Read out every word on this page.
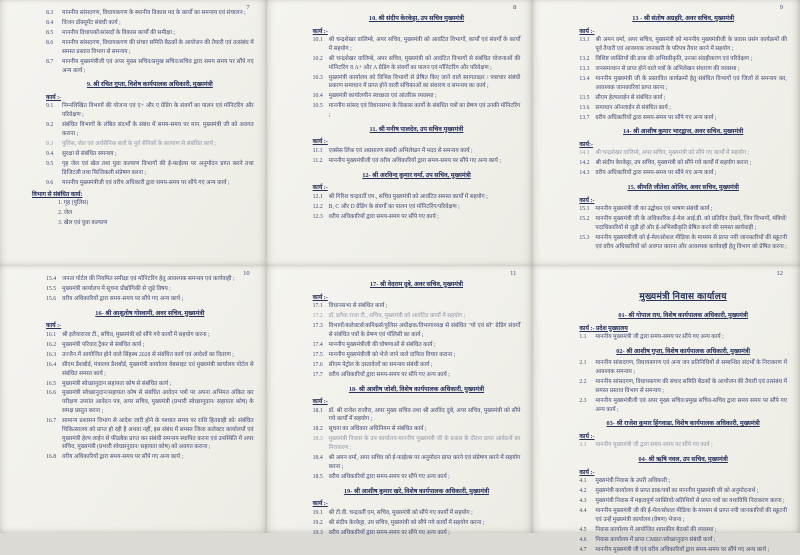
7
8.3	माननीय सांसदगण, विधायकगण के स्थानीय विकास मद के कार्यों का समन्वय एवं संचालन ;
8.4	विजन डॉक्यूमेंट संबंधी कार्य ;
8.5	माननीय विधायकों/सांसदों के विकास कार्यों की समीक्षा ;
8.6	माननीय सांसदगण, विधायकगण की संचार समिति बैठकों के आयोजन की तैयारी एवं तत्संबंध में समस्त प्रस्ताव विभाग से समन्वय ;
8.7	माननीय मुख्यमंत्रीजी एवं अपर मुख्य सचिव/प्रमुख सचिव/सचिव द्वारा समय समय पर सौंपे गए अन्य कार्य ;
9. श्री रचित गुप्ता, विशेष कार्यपालक अधिकारी, मुख्यमंत्री
कार्य :-
9.1	निम्नलिखित विभागों की योजना एवं ए+ और ए ग्रेडिंग के संवर्गों का पालन एवं मॉनिटरिंग और परिवेक्षण ;
9.2	संबंधित विभागों के लंबित संदर्भों के संबंध में समय-समय पर मान. मुख्यमंत्री जी को अवगत कराना ;
9.3	पुलिस, जेल एवं अर्धसैनिक बलों के पूर्व सैनिकों के कल्याण से संबंधित कार्य ;
9.4	सुरक्षा से संबंधित समन्वय ;
9.5	गृह जेल एवं खेल तथा युवा कल्याण विभागों की ई-फाईल्स पर अनुमोदन प्राप्त करने तथा डिजिटली तथा फिजिकली संप्रेषण करना ;
9.6	माननीय मुख्यमंत्रीजी एवं वरीय अधिकारी द्वारा समय-समय पर सौंपे गए अन्य कार्य ;
विभाग से संबंधित कार्य:
1. गृह (पुलिस)
2. जेल
3. खेल एवं युवा कल्याण
8
10. श्री संदीप केरकेट्टा, उप सचिव मुख्यमंत्री
कार्य :-
10.1	श्री चन्द्रशेखर वालिम्बे, अपर सचिव, मुख्यमंत्री को आवंटित विभागों, कार्यों एवं संवर्गों के कार्यों में सहयोग ;
10.2	श्री चन्द्रशेखर वालिम्बे, अपर सचिव, मुख्यमंत्री को आवंटित विभागों से संबंधित योजनाओं की मॉनिटरिंग व A+ और A ग्रेडिंग के संवर्गों का पालन एवं मॉनिटरिंग और परिवेक्षण ;
10.3	मुख्यमंत्री कार्यालय को विभिन्न विभागों से प्रेषित किए जाने वाले स्वागताक्षर / पत्राचार संबंधी प्रकरण समाधान में प्राप्त होने वाली संचिकाओं का संधारण व समन्वय का कार्य ;
10.4	मुख्यमंत्री कार्यालयीन स्वच्छता एवं आंतरिक व्यवस्था ;
10.5	माननीय सांसद एवं विधानसभा के विकास कार्यों के संबंधित पत्रों का प्रेषण एवं उनकी मॉनिटरिंग ;
11. श्री मनीष पालदेव, उप सचिव मुख्यमंत्री
कार्य :-
11.1	एक्सेस लिंक एवं अग्रसारण संबंधी अभिलेखन में मदद से समन्वय कार्य ;
11.2	माननीय मुख्यमंत्रीजी एवं वरीय अधिकारियों द्वारा समय-समय पर सौंपे गए अन्य कार्य ;
12- श्री अरविन्द कुमार वर्मा, उप सचिव, मुख्यमंत्री
कार्य :-
12.1	श्री गिरिश चन्द्रवर्ती एम., सचिव मुख्यमंत्री को आवंटित समस्त कार्यों में सहयोग ;
12.2	B, C और D ग्रेडिंग के संवर्गों का पालन एवं मॉनिटरिंग/परिवेक्षण ;
12.3	वरीय अधिकारियों द्वारा समय-समय पर सौंपे गए कार्य ;
9
13 - श्री संतोष अग्रहरि, अवर सचिव, मुख्यमंत्री
कार्य :-
13.1	श्री अमन वर्मा, अपर सचिव, मुख्यमंत्री को माननीय मुख्यमंत्रीजी के प्रवास प्रसंग कार्यक्रमों की पूर्व तैयारी एवं आवश्यक जानकारी के परिपत्र तैयार करने में सहयोग ;
13.2	विशिष्ट व्यक्तियों की डाक की अभिस्वीकृति, उनका संग्रहीकरण एवं परिवेक्षण ;
13.3	जनसमाधान से प्राप्त होने वाले पत्रों के अभिलेखन संधारण की व्यवस्था ;
13.4	माननीय मुख्यमंत्री जी के प्रस्तावित कार्यक्रमों हेतु संबंधित विभागों एवं जिलों से समन्वय कर, आवश्यक जानकारियां प्राप्त करना ;
13.5	सीएम हेल्पलाईन से संबंधित कार्य ;
13.6	समाधान ऑनलाईन से संबंधित कार्य ;
13.7	वरीय अधिकारियों द्वारा समय-समय पर सौंपे गए अन्य कार्य ;
14- श्री आशीष कुमार भारद्वाज, अवर सचिव, मुख्यमंत्री
कार्य:-
14.1	श्री चन्द्रशेखर वालिम्बे, अपर सचिव, मुख्यमंत्री को सौंपे गए कार्यों में सहयोग ;
14.2	श्री संदीप केरकेट्टा, उप सचिव, मुख्यमंत्री को सौंपे गये कार्यों में सहयोग करना ;
14.3	वरीय अधिकारियों द्वारा समय-समय पर सौंपे गए अन्य कार्य ;
15. श्रीमति जीतेशा ओलिव, अवर सचिव, मुख्यमंत्री
कार्य :-
15.1	माननीय मुख्यमंत्री जी का उद्बोधन एवं भाषण संबंधी कार्य ;
15.2	माननीय मुख्यमंत्री जी के अधिकारिक ई-मेल आई.डी. को प्रतिदिन देखने, जिन विभागों, मंत्रियों/पदाधिकारियों से जुड़ी हों और ई-अभिस्वीकृति प्रेषित करने की समस्त कार्यवाही ;
15.3	माननीय मुख्यमंत्रीजी को ई-मेल/सोशल मीडिया के माध्यम से प्राप्त नयी जानकारियों की स्क्रूटनी एवं वरीय अधिकारियों को अवगत कराना और आवश्यक कार्यवाही हेतु विभाग को प्रेषित करना ;
10
15.4	जनता पोर्टल की नियमित समीक्षा एवं मॉनिटरिंग हेतु आवश्यक समन्वय एवं कार्यवाही ;
15.5	मुख्यमंत्री कार्यालय में सूचना प्रौद्योगिकी से जुड़े विषय ;
15.6	वरीय अधिकारियों द्वारा समय-समय पर सौंपे गए अन्य कार्य ;
16- श्री आशुतोष गोस्वामी, अवर सचिव, मुख्यमंत्री
कार्य :-
16.1	श्री इलैयाराजा टी., सचिव, मुख्यमंत्री को सौंपे गये कार्यों में सहयोग करना ;
16.2	मुख्यमंत्री परिवाद ट्रैकर से संबंधित कार्य ;
16.3	उज्जैन में आयोजित होने वाले सिंहस्थ 2028 से संबंधित कार्य एवं आदेशों का वितरण ;
16.4	सीएम डैशबोर्ड, मंत्रालय डैशबोर्ड, मुख्यमंत्री कार्यालय वेबसाइट एवं मुख्यमंत्री कार्यालय पोर्टल से संबंधित समस्त कार्य ;
16.5	मुख्यमंत्री स्वेच्छानुदान सहायता कोष से संबंधित कार्य ;
16.6	मुख्यमंत्री स्वेच्छानुदान/सहायता कोष से संबंधित आवेदन पत्रों पर अपना अभिमत अंकित कर परीक्षण उपरांत आवेदन पत्र, अपर सचिव, मुख्यमंत्री (प्रभारी स्वेच्छानुदान/ सहायता कोष) के समक्ष प्रस्तुत करना ;
16.7	सामान्य प्रशासन विभाग से आदेश जारी होने के पश्चात समय पर राशि हितग्राही को/ संबंधित चिकित्सालय को प्राप्त हो रही है अथवा नहीं, इस संबंध में समस्त जिला कलेक्टर कार्यालयों एवं मुख्यमंत्री हेल्प लाईन से फीडबैक प्राप्त कर संबंधी समन्वय स्थापित करना एवं उपस्थिति में अपर सचिव, मुख्यमंत्री (प्रभारी स्वेच्छानुदान/ सहायता कोष) को अवगत कराना ;
16.8	वरीय अधिकारियों द्वारा समय-समय पर सौंपे गए अन्य कार्य ;
11
17- श्री वेदराम दुबे, अवर सचिव, मुख्यमंत्री
कार्य :-
17.1	विधानसभा से संबंधित कार्य ;
17.2	डॉ. इलैया राजा टी., सचिव, मुख्यमंत्री को आवंटित कार्यों में सहयोग ;
17.3	विभागों/कलेक्टर्स/कमिश्नर्स/पुलिस अधीक्षक/विभागाध्यक्ष से संबंधित "यो एवं सो" ग्रेडिंग संवर्गों से संबंधित पत्रों के प्रेषण एवं पॉलिसी का कार्य ;
17.4	माननीय मुख्यमंत्रीजी की घोषणाओं से संबंधित कार्य ;
17.5	माननीय मुख्यमंत्रीजी को भेजे जाने वाले दायित्व विचार कराना ;
17.6	सीएम पेट्रोल के दस्तावेजों का समन्वय संबंधी कार्य ;
17.7	वरीय अधिकारियों द्वारा समय-समय पर सौंपे गए अन्य कार्य ;
18- श्री आशीष जोशी, विशेष कार्यपालक अधिकारी, मुख्यमंत्री
कार्य :-
18.1	डॉ. श्री राजेश राजौरा, अपर मुख्य सचिव तथा श्री अरविंद दुबे, अपर सचिव, मुख्यमंत्री को सौंपे गये कार्यों में सहयोग ;
18.2	सूचना का अधिकार अधिनियम से संबंधित कार्य ;
18.3	मुख्यमंत्री निवास के उप कार्यालय/माननीय मुख्यमंत्री जी के प्रवास के दौरान प्राप्त आवेदनों का निराकरण ;
18.4	श्री अमन वर्मा, अपर सचिव को ई-फाईल्स पर अनुमोदन प्राप्त करने एवं संप्रेषण करने में सहयोग करना ;
18.5	वरीय अधिकारियों द्वारा समय-समय पर सौंपे गए अन्य कार्य ;
19- श्री आशीष कुमार खरे, विशेष कार्यपालक अधिकारी, मुख्यमंत्री
कार्य :-
19.1	श्री टी.वी. चन्द्रवर्ती एम, सचिव, मुख्यमंत्री को सौंपे गए कार्यों में सहयोग ;
19.2	श्री संदीप केरकेट्टा, उप सचिव, मुख्यमंत्री को सौंपे गये कार्यों में सहयोग करना ;
19.3	वरीय अधिकारियों द्वारा समय-समय पर सौंपे गए अन्य कार्य ;
12
मुख्यमंत्री निवास कार्यालय
01- श्री गोपाल राय, विशेष कार्यपालक अधिकारी, मुख्यमंत्री
कार्य :- प्रदेश मुख्यालय
1.1	माननीय मुख्यमंत्री जी द्वारा समय-समय पर सौंपे गए अन्य कार्य ;
02- श्री आशीष गुप्ता, विशेष कार्यपालक अधिकारी, मुख्यमंत्री
2.1	माननीय सांसदगण, विधायकगण एवं अन्य जन प्रतिनिधियों से सम्बन्धित संदर्भों के निराकरण में आवश्यक समन्वय ;
2.2	माननीय सांसदगण, विधायकगण की संचार समिति बैठकों के आयोजन की तैयारी एवं तत्संबंध में समस्त प्रस्ताव विभाग से समन्वय ;
2.3	माननीय मुख्यमंत्रीजी एवं अपर मुख्य सचिव/प्रमुख सचिव-सचिव द्वारा समय समय पर सौंपे गए अन्य कार्य ;
03- श्री राजेश कुमार हिंगवाडा, विशेष कार्यपालक अधिकारी, मुख्यमंत्री
कार्य :-
3.1	माननीय मुख्यमंत्री जी द्वारा समय-समय पर सौंपे गए कार्य ;
04- श्री ऋषि नवल, उप सचिव, मुख्यमंत्री
कार्य :-
4.1	मुख्यमंत्री निवास के उपरी अधिकारी ;
4.2	मुख्यमंत्री कार्यालय से प्राप्त डाक/पत्रों का माननीय मुख्यमंत्री जी को अनुमोदनार्थ ;
4.3	मुख्यमंत्री निवास में महत्वपूर्ण व्यक्तियों/अतिथियों से प्राप्त पत्रों का यथाविधि निराकरण करना ;
4.4	माननीय मुख्यमंत्री जी की ई-मेल/सोशल मीडिया के माध्यम से प्राप्त नयी जानकारियों की स्क्रूटनी एवं उन्हें मुख्यमंत्री कार्यालय (प्रेषण) भेजना ;
4.5	निवास कार्यालय में आयोजित शासकीय बैठकों की व्यवस्था ;
4.6	निवास कार्यालय में प्राप्त CMRF/स्वेच्छानुदान संबंधी कार्य ;
4.7	माननीय मुख्यमंत्री जी एवं वरीय अधिकारियों द्वारा समय-समय पर सौंपे गए अन्य कार्य ;
